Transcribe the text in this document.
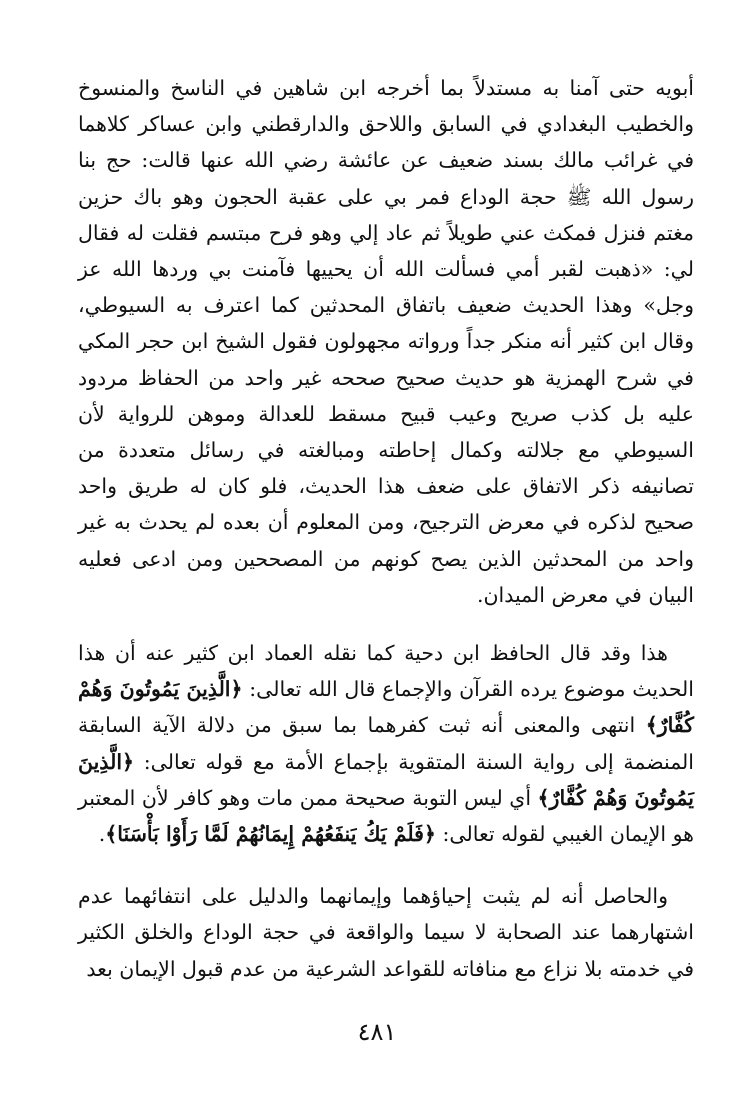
أبويه حتى آمنا به مستدلاً بما أخرجه ابن شاهين في الناسخ والمنسوخ والخطيب البغدادي في السابق واللاحق والدارقطني وابن عساكر كلاهما في غرائب مالك بسند ضعيف عن عائشة رضي الله عنها قالت: حج بنا رسول الله ﷺ حجة الوداع فمر بي على عقبة الحجون وهو باك حزين مغتم فنزل فمكث عني طويلاً ثم عاد إلي وهو فرح مبتسم فقلت له فقال لي: «ذهبت لقبر أمي فسألت الله أن يحييها فآمنت بي وردها الله عز وجل» وهذا الحديث ضعيف باتفاق المحدثين كما اعترف به السيوطي، وقال ابن كثير أنه منكر جداً ورواته مجهولون فقول الشيخ ابن حجر المكي في شرح الهمزية هو حديث صحيح صححه غير واحد من الحفاظ مردود عليه بل كذب صريح وعيب قبيح مسقط للعدالة وموهن للرواية لأن السيوطي مع جلالته وكمال إحاطته ومبالغته في رسائل متعددة من تصانيفه ذكر الاتفاق على ضعف هذا الحديث، فلو كان له طريق واحد صحيح لذكره في معرض الترجيح، ومن المعلوم أن بعده لم يحدث به غير واحد من المحدثين الذين يصح كونهم من المصححين ومن ادعى فعليه البيان في معرض الميدان.

هذا وقد قال الحافظ ابن دحية كما نقله العماد ابن كثير عنه أن هذا الحديث موضوع يرده القرآن والإجماع قال الله تعالى: ﴿الَّذِينَ يَمُوتُونَ وَهُمْ كُفَّارٌ﴾ انتهى والمعنى أنه ثبت كفرهما بما سبق من دلالة الآية السابقة المنضمة إلى رواية السنة المتقوية بإجماع الأمة مع قوله تعالى: ﴿الَّذِينَ يَمُوتُونَ وَهُمْ كُفَّارٌ﴾ أي ليس التوبة صحيحة ممن مات وهو كافر لأن المعتبر هو الإيمان الغيبي لقوله تعالى: ﴿فَلَمْ يَكُ يَنفَعُهُمْ إِيمَانُهُمْ لَمَّا رَأَوْا بَأْسَنَا﴾.

والحاصل أنه لم يثبت إحياؤهما وإيمانهما والدليل على انتفائهما عدم اشتهارهما عند الصحابة لا سيما والواقعة في حجة الوداع والخلق الكثير في خدمته بلا نزاع مع منافاته للقواعد الشرعية من عدم قبول الإيمان بعد

٤٨١
